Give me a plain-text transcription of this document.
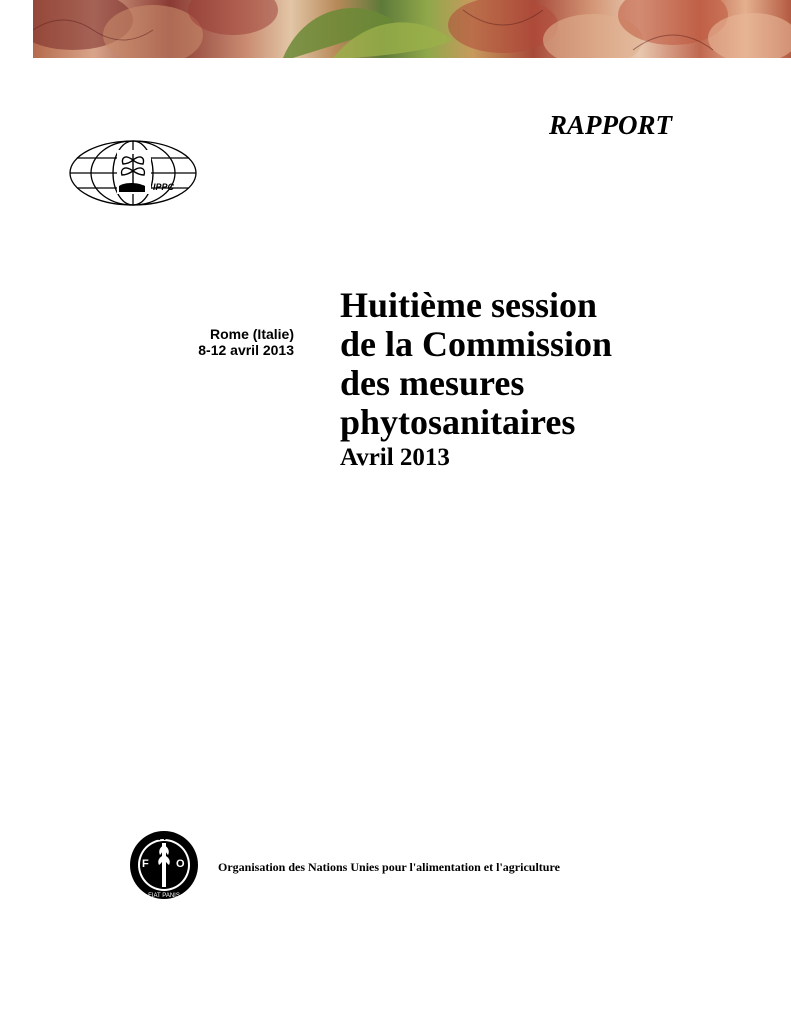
RAPPORT
IPPC
Rome (Italie)
8-12 avril 2013
Huitième session
de la Commission
des mesures
phytosanitaires
Avril 2013
F
A
O
FIAT PANIS
Organisation des Nations Unies pour l'alimentation et l'agriculture
